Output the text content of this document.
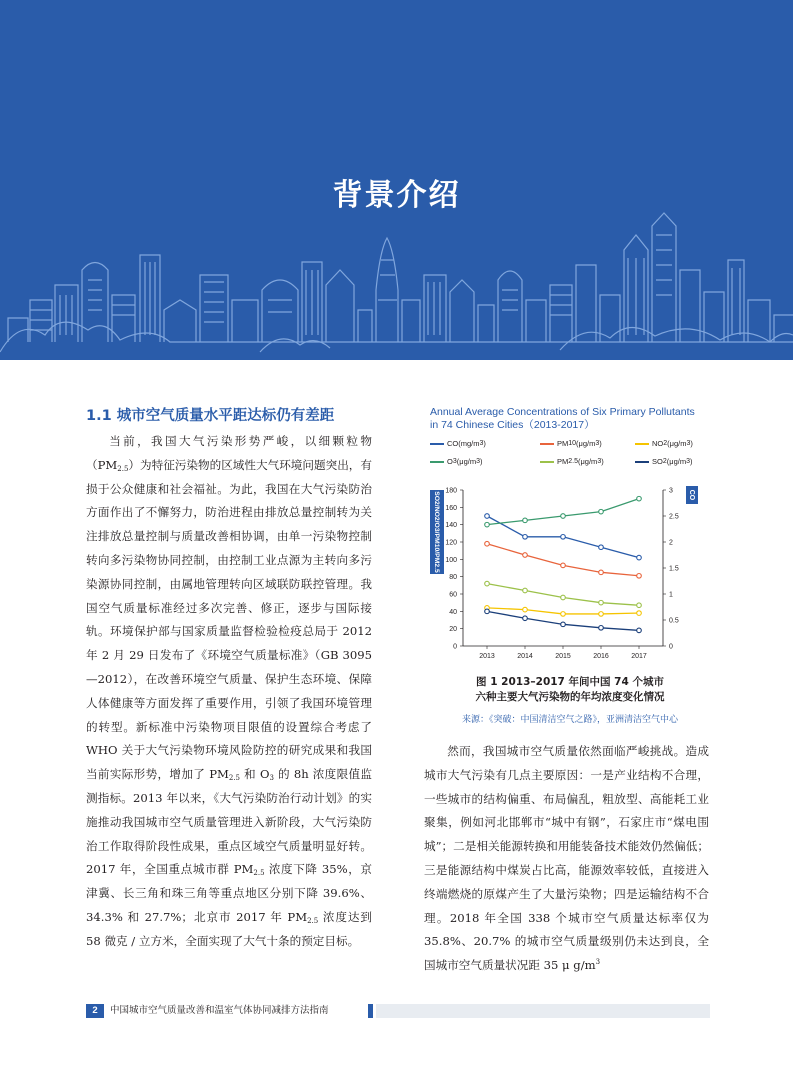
背景介绍
1.1 城市空气质量水平距达标仍有差距

当前，我国大气污染形势严峻，以细颗粒物$(PM_{2.5})$为特征污染物的区域性大气环境问题突出，有损于公众健康和社会福祉。为此，我国在大气污染防治方面作出了不懈努力，防治进程由排放总量控制转为关注排放总量控制与质量改善相协调，由单一污染物控制转向多污染物协同控制，由控制工业点源为主转向多污染源协同控制，由属地管理转向区域联防联控管理。我国空气质量标准经过多次完善、修正，逐步与国际接轨。环境保护部与国家质量监督检验检疫总局于 2012 年 2 月 29 日发布了《环境空气质量标准》（GB 3095—2012），在改善环境空气质量、保护生态环境、保障人体健康等方面发挥了重要作用，引领了我国环境管理的转型。新标准中污染物项目限值的设置综合考虑了 WHO 关于大气污染物环境风险防控的研究成果和我国当前实际形势，增加了 $PM_{2.5}$ 和 $O_3$ 的 8h 浓度限值监测指标。2013 年以来，《大气污染防治行动计划》的实施推动我国城市空气质量管理进入新阶段，大气污染防治工作取得阶段性成果，重点区域空气质量明显好转。2017 年，全国重点城市群 $PM_{2.5}$ 浓度下降 35%，京津冀、长三角和珠三角等重点地区分别下降 39.6%、34.3% 和 27.7%；北京市 2017 年 $PM_{2.5}$ 浓度达到 58 微克 / 立方米，全面实现了大气十条的预定目标。

Annual Average Concentrations of Six Primary Pollutants
in 74 Chinese Cities（2013-2017）
CO (mg/m 3 )	PM 10 (μg/m 3 )	NO 2 (μg/m 3 )
O 3 (μg/m 3 )	PM 2.5 (μg/m 3 )	SO 2 (μg/m 3 )
0
20
40
60
80
100
120
140
160
180
0
0.5
1
1.5
2
2.5
3
2013	2014	2015	2016	2017
SO2/NO2/O3/PM10/PM2.5	CO
图 1 2013–2017 年间中国 74 个城市
六种主要大气污染物的年均浓度变化情况
来源：《突破：中国清洁空气之路》，亚洲清洁空气中心

然而，我国城市空气质量依然面临严峻挑战。造成城市大气污染有几点主要原因：一是产业结构不合理，一些城市的结构偏重、布局偏乱，粗放型、高能耗工业聚集，例如河北邯郸市“城中有钢”，石家庄市“煤电围城”；二是相关能源转换和用能装备技术能效仍然偏低；三是能源结构中煤炭占比高，能源效率较低，直接进入终端燃烧的原煤产生了大量污染物；四是运输结构不合理。2018 年全国 338 个城市空气质量达标率仅为 35.8%、20.7% 的城市空气质量级别仍未达到良，全国城市空气质量状况距 35 μ $g/m^3$

2	中国城市空气质量改善和温室气体协同减排方法指南
